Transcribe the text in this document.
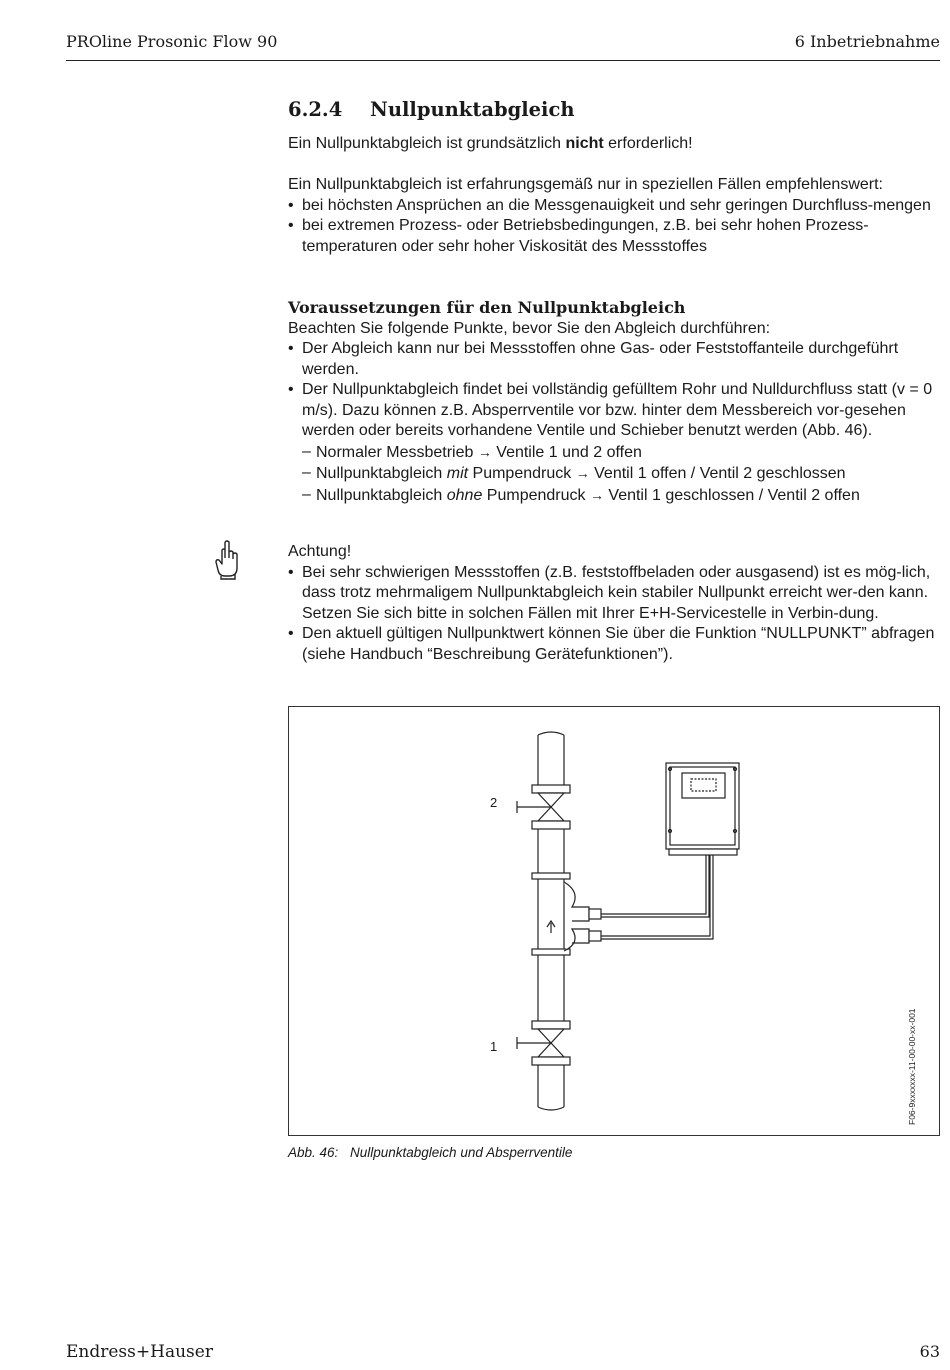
PROline Prosonic Flow 90	6 Inbetriebnahme
6.2.4 Nullpunktabgleich
Ein Nullpunktabgleich ist grundsätzlich nicht erforderlich!

Ein Nullpunktabgleich ist erfahrungsgemäß nur in speziellen Fällen empfehlenswert:

• bei höchsten Ansprüchen an die Messgenauigkeit und sehr geringen Durchfluss-mengen

• bei extremen Prozess- oder Betriebsbedingungen, z.B. bei sehr hohen Prozess-temperaturen oder sehr hoher Viskosität des Messstoffes

Voraussetzungen für den Nullpunktabgleich

Beachten Sie folgende Punkte, bevor Sie den Abgleich durchführen:

• Der Abgleich kann nur bei Messstoffen ohne Gas- oder Feststoffanteile durchgeführt werden.

• Der Nullpunktabgleich findet bei vollständig gefülltem Rohr und Nulldurchfluss statt (v = 0 m/s). Dazu können z.B. Absperrventile vor bzw. hinter dem Messbereich vor-gesehen werden oder bereits vorhandene Ventile und Schieber benutzt werden (Abb. 46).

– Normaler Messbetrieb → Ventile 1 und 2 offen

– Nullpunktabgleich mit Pumpendruck → Ventil 1 offen / Ventil 2 geschlossen

– Nullpunktabgleich ohne Pumpendruck → Ventil 1 geschlossen / Ventil 2 offen

Achtung!

• Bei sehr schwierigen Messstoffen (z.B. feststoffbeladen oder ausgasend) ist es mög-lich, dass trotz mehrmaligem Nullpunktabgleich kein stabiler Nullpunkt erreicht wer-den kann. Setzen Sie sich bitte in solchen Fällen mit Ihrer E+H-Servicestelle in Verbin-dung.

• Den aktuell gültigen Nullpunktwert können Sie über die Funktion “NULLPUNKT” abfragen (siehe Handbuch “Beschreibung Gerätefunktionen”).

2
1	F06-9xxxxxxx-11-00-00-xx-001
Abb. 46: Nullpunktabgleich und Absperrventile
Endress+Hauser	63
